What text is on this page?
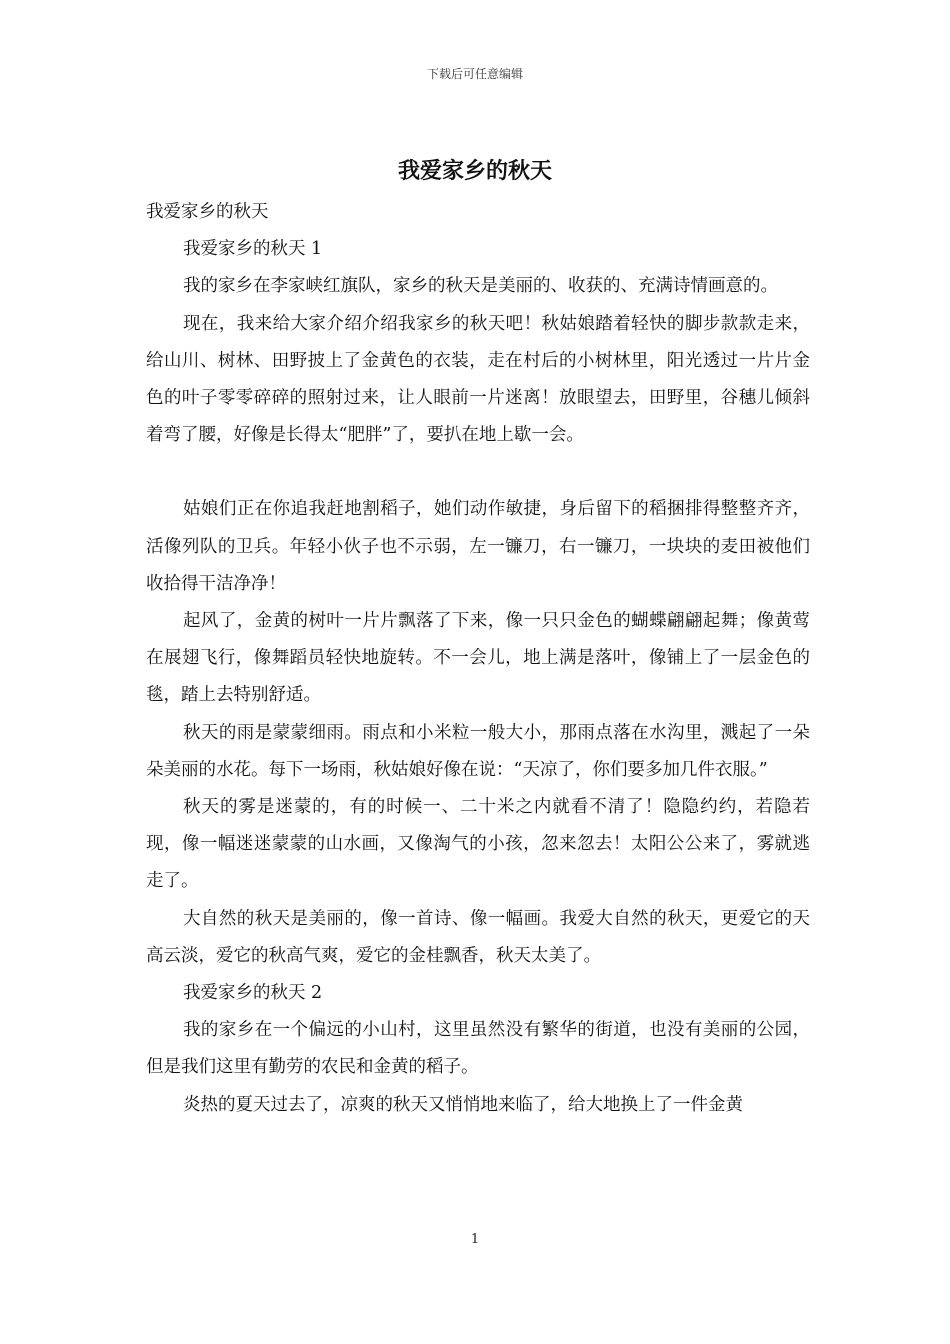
下载后可任意编辑
我爱家乡的秋天

我爱家乡的秋天

我爱家乡的秋天 1

我的家乡在李家峡红旗队，家乡的秋天是美丽的、收获的、充满诗情画意的。

现在，我来给大家介绍介绍我家乡的秋天吧！秋姑娘踏着轻快的脚步款款走来，给山川、树林、田野披上了金黄色的衣装，走在村后的小树林里，阳光透过一片片金色的叶子零零碎碎的照射过来，让人眼前一片迷离！放眼望去，田野里，谷穗儿倾斜着弯了腰，好像是长得太“肥胖”了，要扒在地上歇一会。

姑娘们正在你追我赶地割稻子，她们动作敏捷，身后留下的稻捆排得整整齐齐，活像列队的卫兵。年轻小伙子也不示弱，左一镰刀，右一镰刀，一块块的麦田被他们收拾得干洁净净！

起风了，金黄的树叶一片片飘落了下来，像一只只金色的蝴蝶翩翩起舞；像黄莺在展翅飞行，像舞蹈员轻快地旋转。不一会儿，地上满是落叶，像铺上了一层金色的毯，踏上去特别舒适。

秋天的雨是蒙蒙细雨。雨点和小米粒一般大小，那雨点落在水沟里，溅起了一朵朵美丽的水花。每下一场雨，秋姑娘好像在说：“天凉了，你们要多加几件衣服。”

秋天的雾是迷蒙的，有的时候一、二十米之内就看不清了！隐隐约约，若隐若现，像一幅迷迷蒙蒙的山水画，又像淘气的小孩，忽来忽去！太阳公公来了，雾就逃走了。

大自然的秋天是美丽的，像一首诗、像一幅画。我爱大自然的秋天，更爱它的天高云淡，爱它的秋高气爽，爱它的金桂飘香，秋天太美了。

我爱家乡的秋天 2

我的家乡在一个偏远的小山村，这里虽然没有繁华的街道，也没有美丽的公园，但是我们这里有勤劳的农民和金黄的稻子。

炎热的夏天过去了，凉爽的秋天又悄悄地来临了，给大地换上了一件金黄

1
